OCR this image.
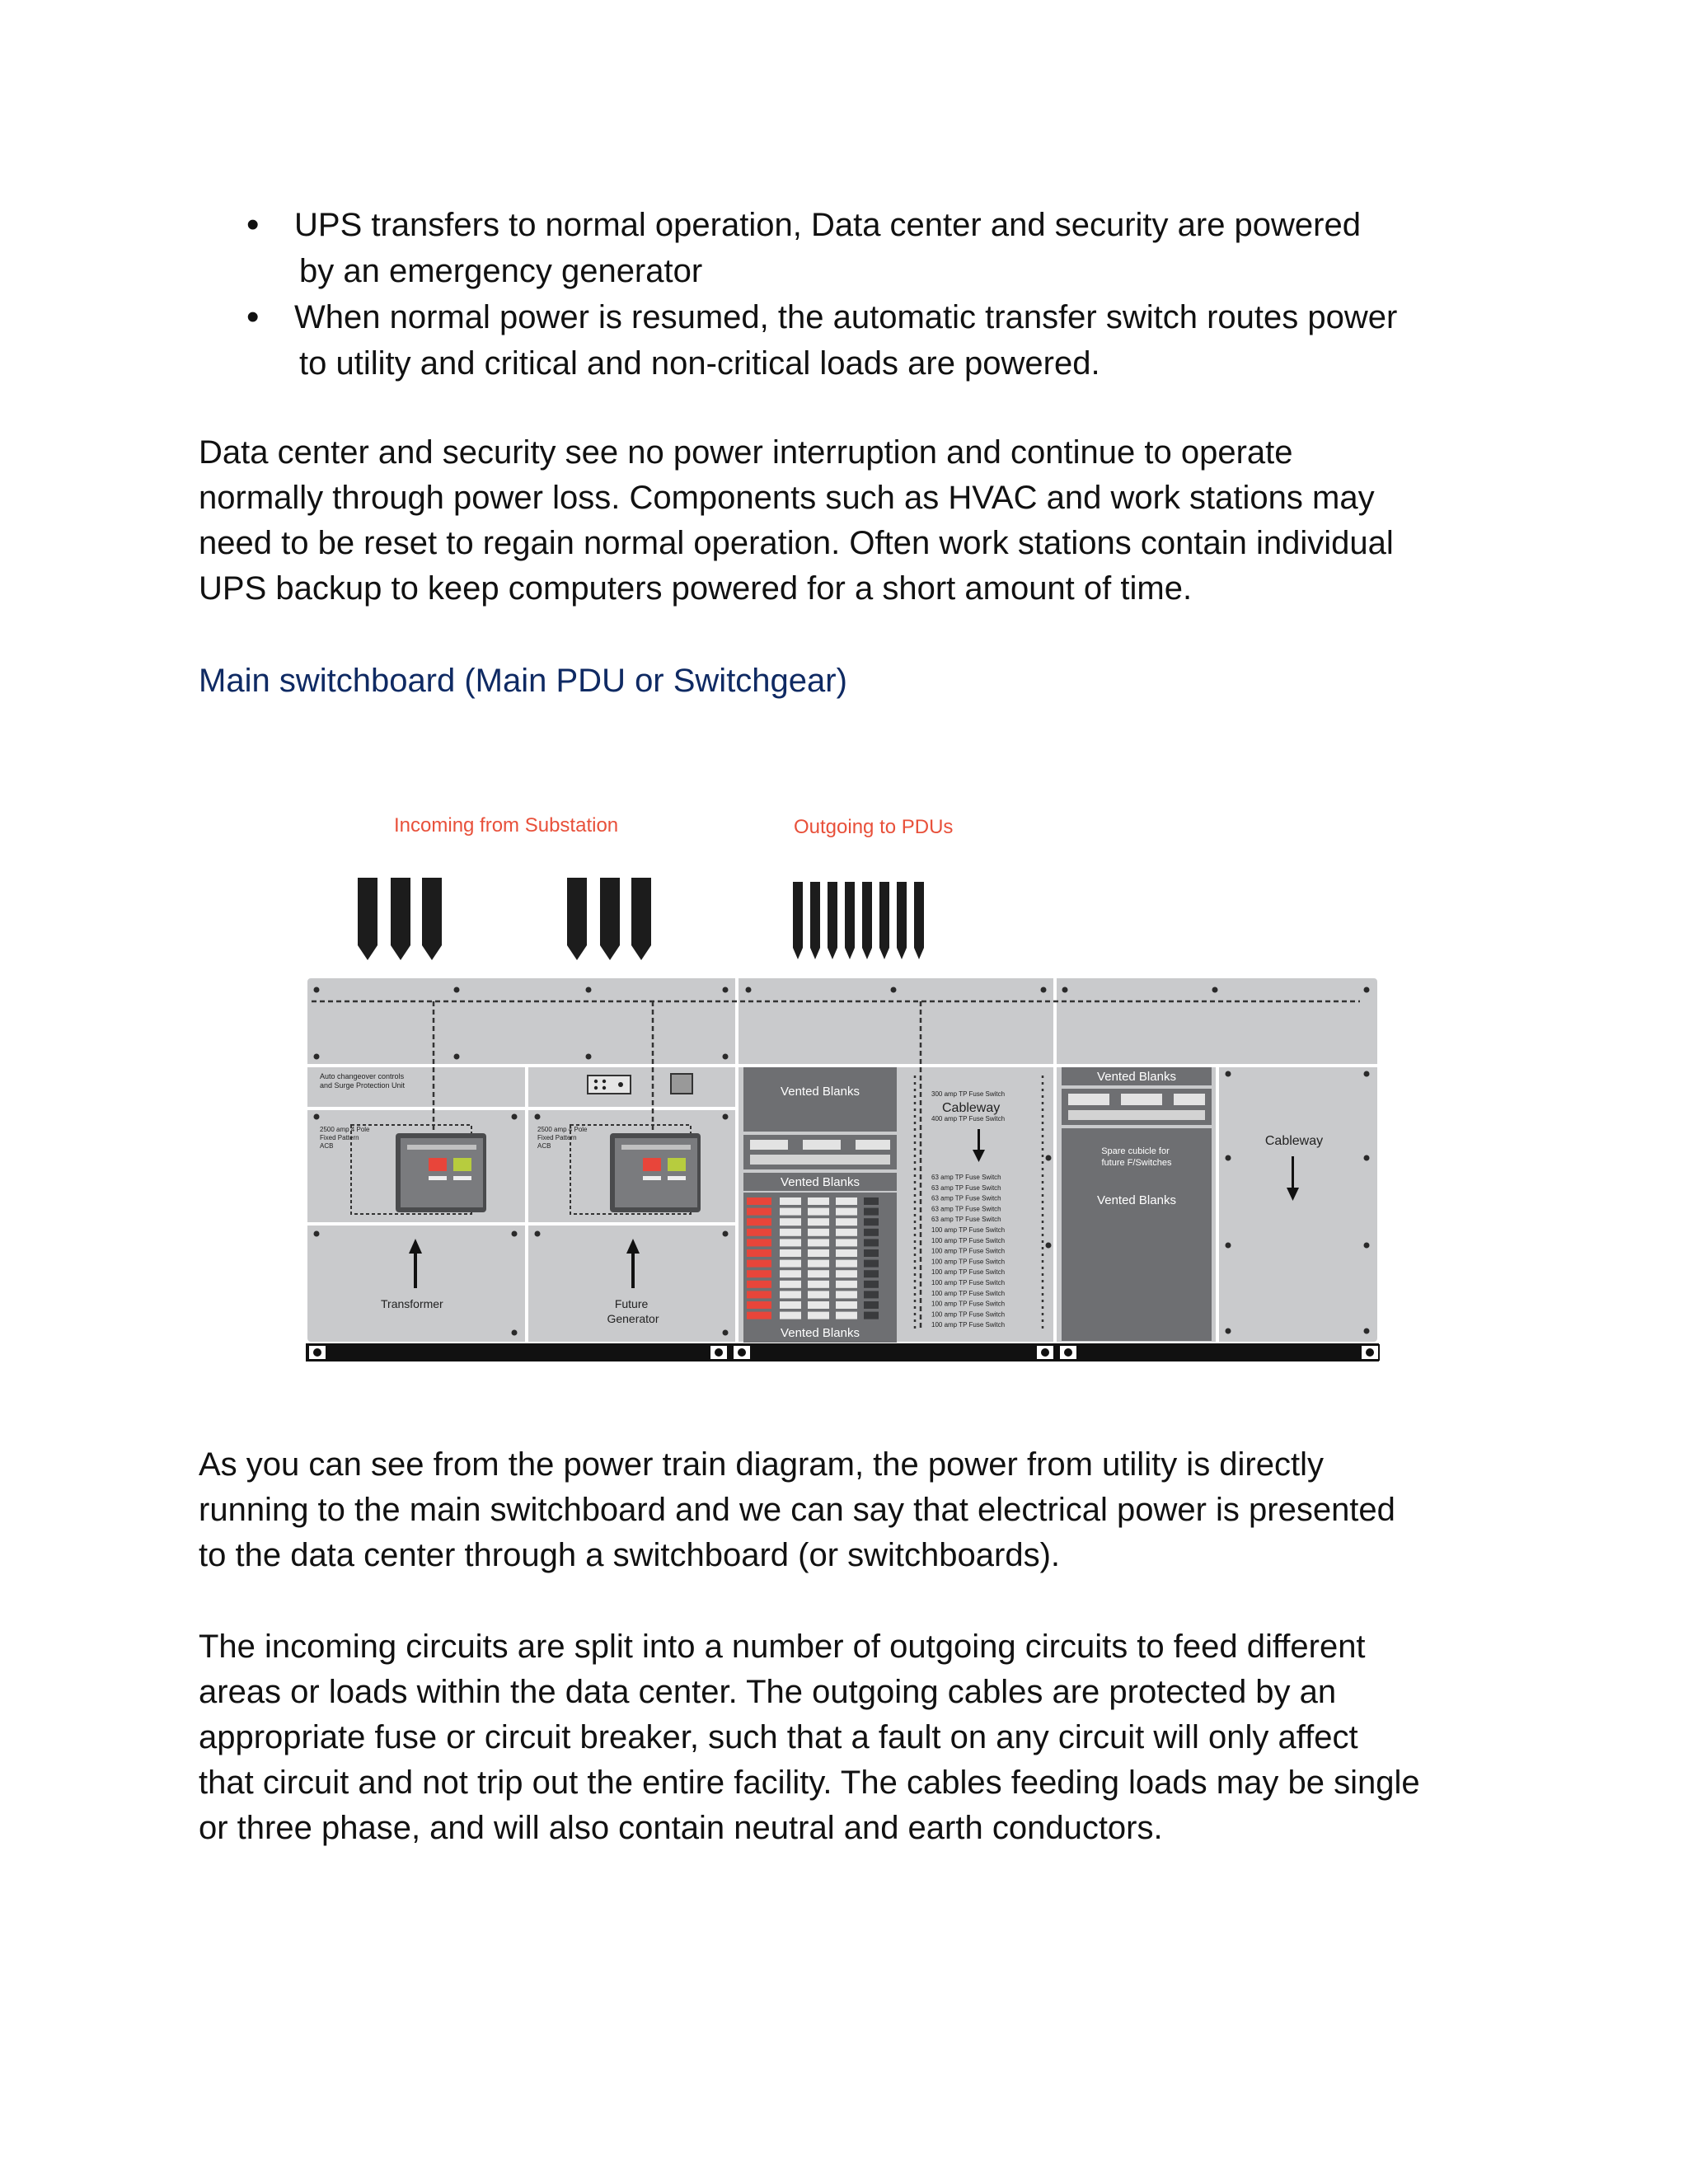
• UPS transfers to normal operation, Data center and security are powered
by an emergency generator
• When normal power is resumed, the automatic transfer switch routes power
to utility and critical and non-critical loads are powered.

Data center and security see no power interruption and continue to operate
normally through power loss. Components such as HVAC and work stations may
need to be reset to regain normal operation. Often work stations contain individual
UPS backup to keep computers powered for a short amount of time.

Main switchboard (Main PDU or Switchgear)
Incoming from Substation	Outgoing to PDUs
Auto changeover controls and Surge Protection Unit
2500 amp 4 Pole Fixed Pattern ACB
2500 amp 4 Pole Fixed Pattern ACB
Transformer	Future Generator
Vented Blanks
Vented Blanks
Vented Blanks
300 amp TP Fuse Switch 400 amp TP Fuse Switch
Cableway
63 amp TP Fuse Switch 63 amp TP Fuse Switch 63 amp TP Fuse Switch 63 amp TP Fuse Switch 63 amp TP Fuse Switch 100 amp TP Fuse Switch 100 amp TP Fuse Switch 100 amp TP Fuse Switch 100 amp TP Fuse Switch 100 amp TP Fuse Switch 100 amp TP Fuse Switch 100 amp TP Fuse Switch 100 amp TP Fuse Switch 100 amp TP Fuse Switch 100 amp TP Fuse Switch
Vented Blanks
Spare cubicle for future F/Switches
Vented Blanks
Cableway

As you can see from the power train diagram, the power from utility is directly
running to the main switchboard and we can say that electrical power is presented
to the data center through a switchboard (or switchboards).

The incoming circuits are split into a number of outgoing circuits to feed different
areas or loads within the data center. The outgoing cables are protected by an
appropriate fuse or circuit breaker, such that a fault on any circuit will only affect
that circuit and not trip out the entire facility. The cables feeding loads may be single
or three phase, and will also contain neutral and earth conductors.
